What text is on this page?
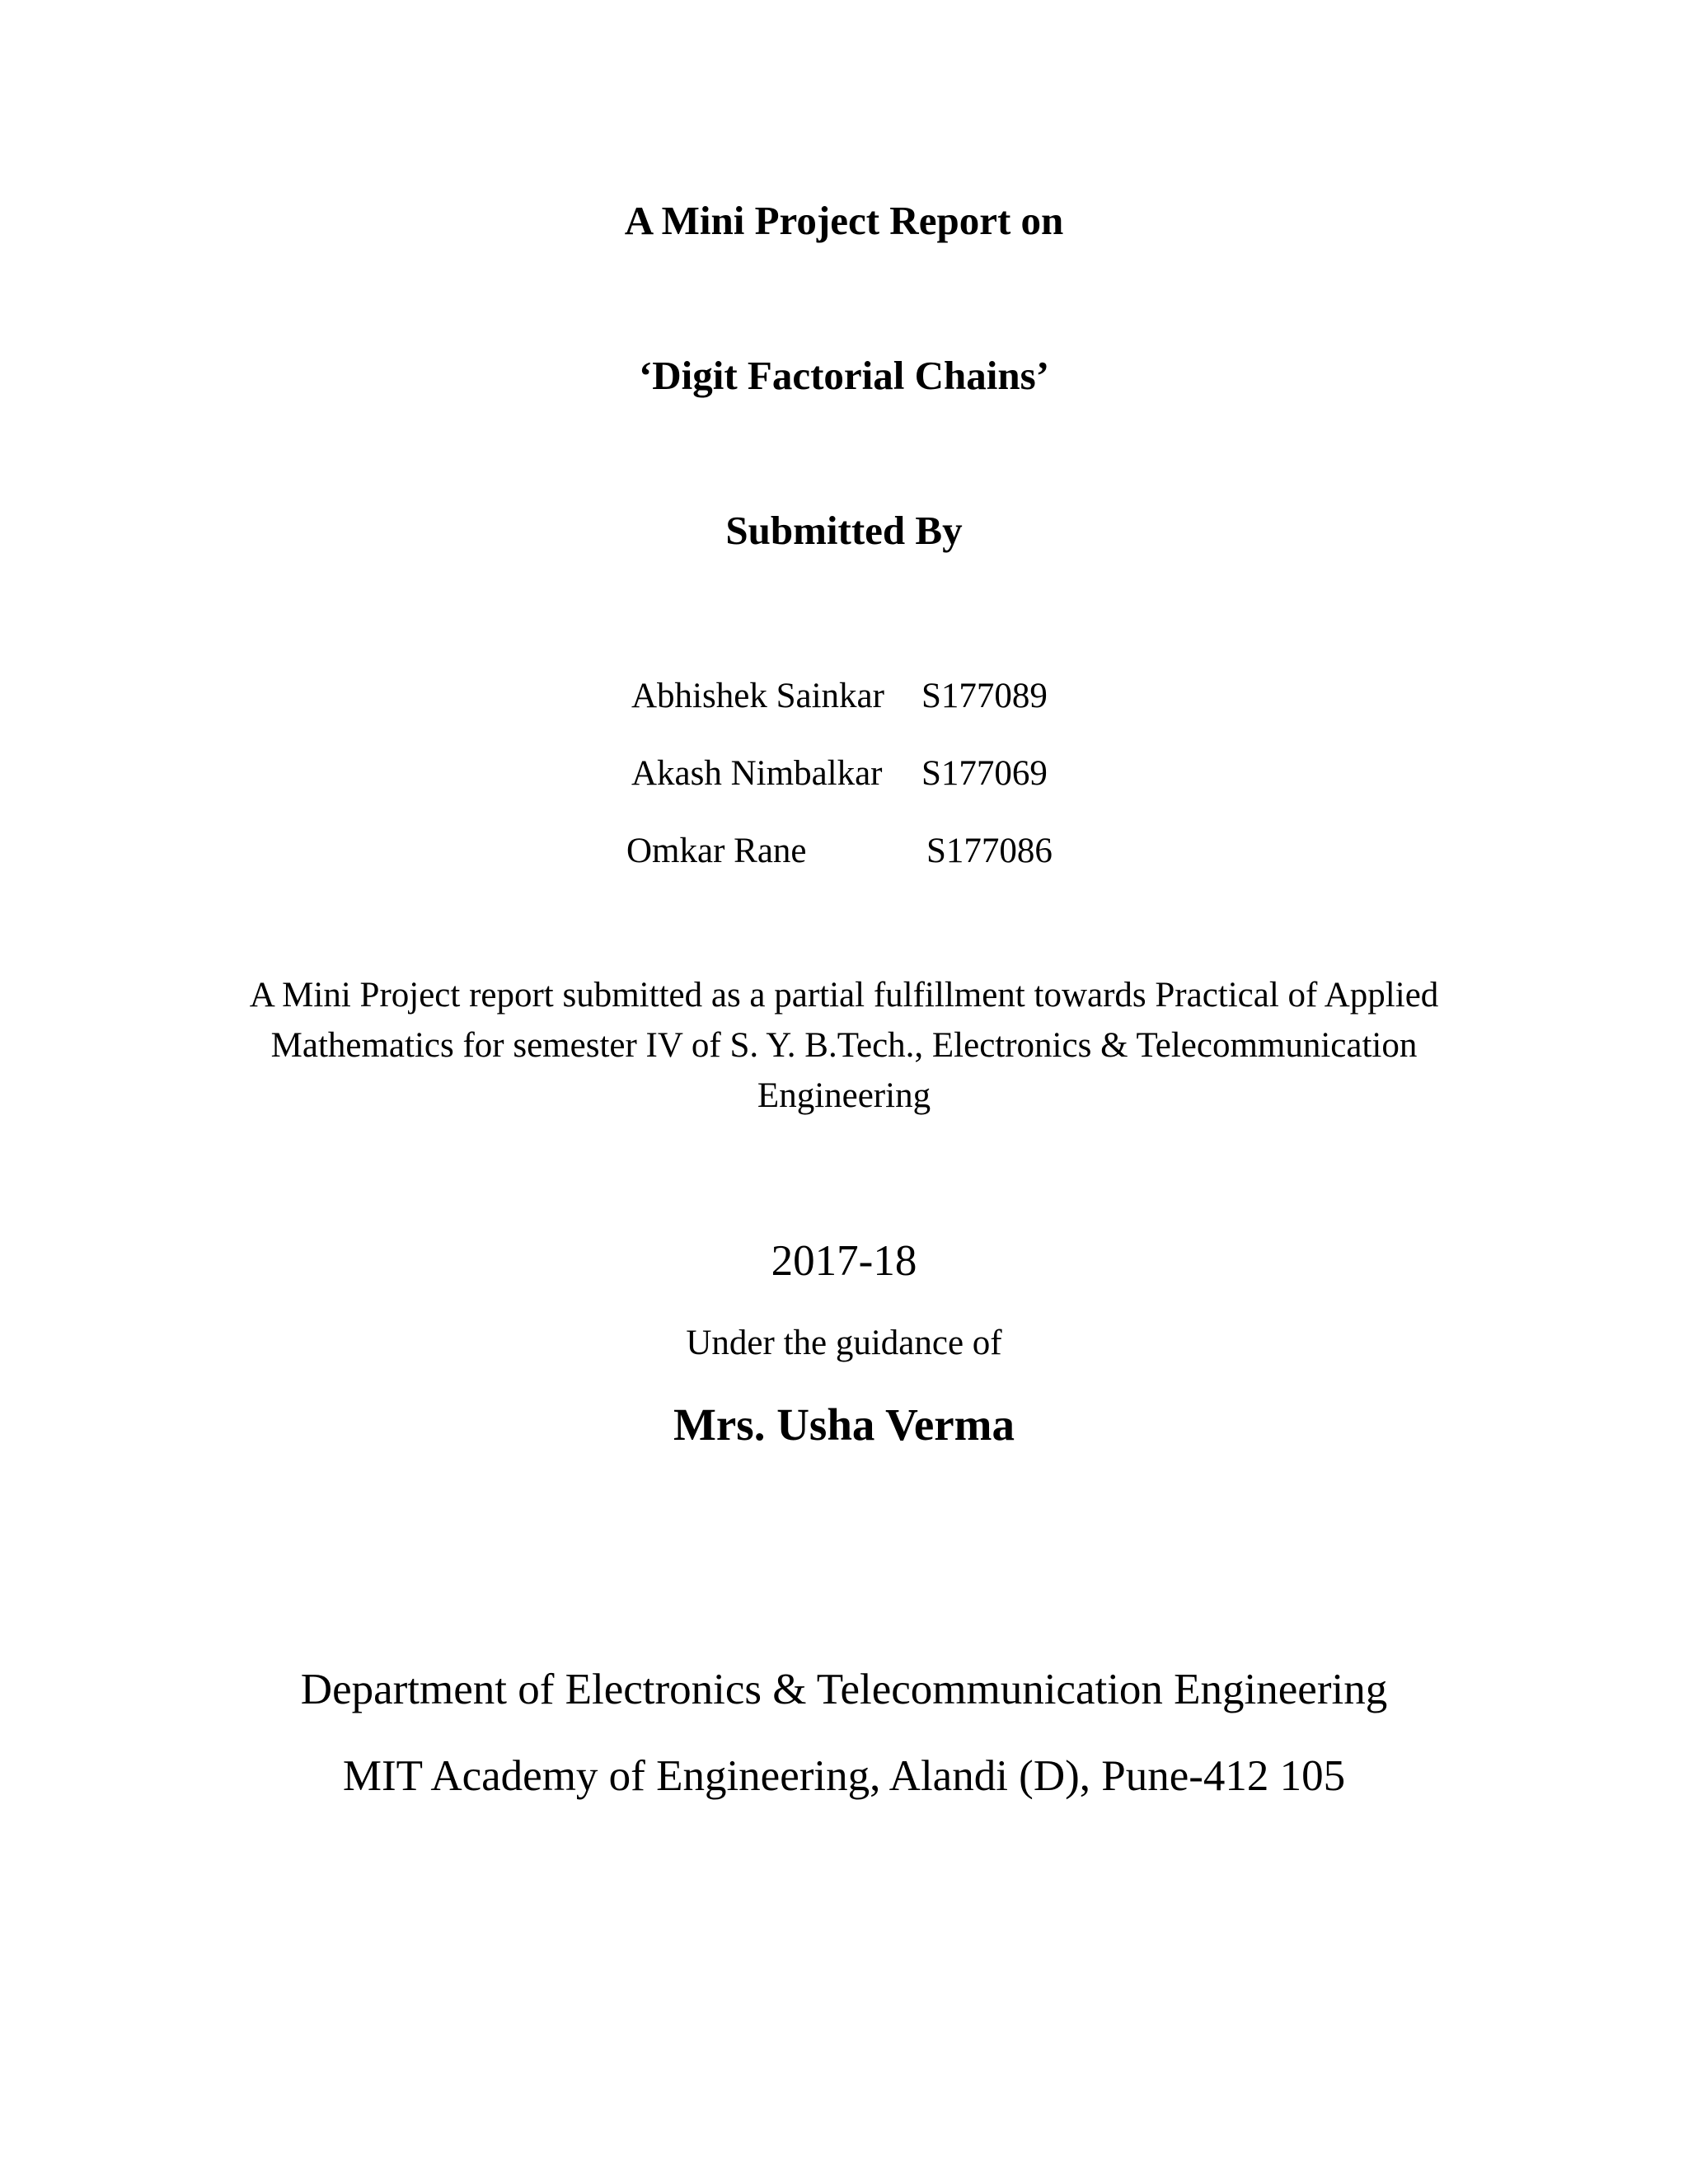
A Mini Project Report on
‘Digit Factorial Chains’
Submitted By
Abhishek Sainkar S177089
Akash Nimbalkar S177069
Omkar Rane	S177086
A Mini Project report submitted as a partial fulfillment towards Practical of Applied
Mathematics for semester IV of S. Y. B.Tech., Electronics & Telecommunication
Engineering
2017-18
Under the guidance of
Mrs. Usha Verma
Department of Electronics & Telecommunication Engineering
MIT Academy of Engineering, Alandi (D), Pune-412 105
